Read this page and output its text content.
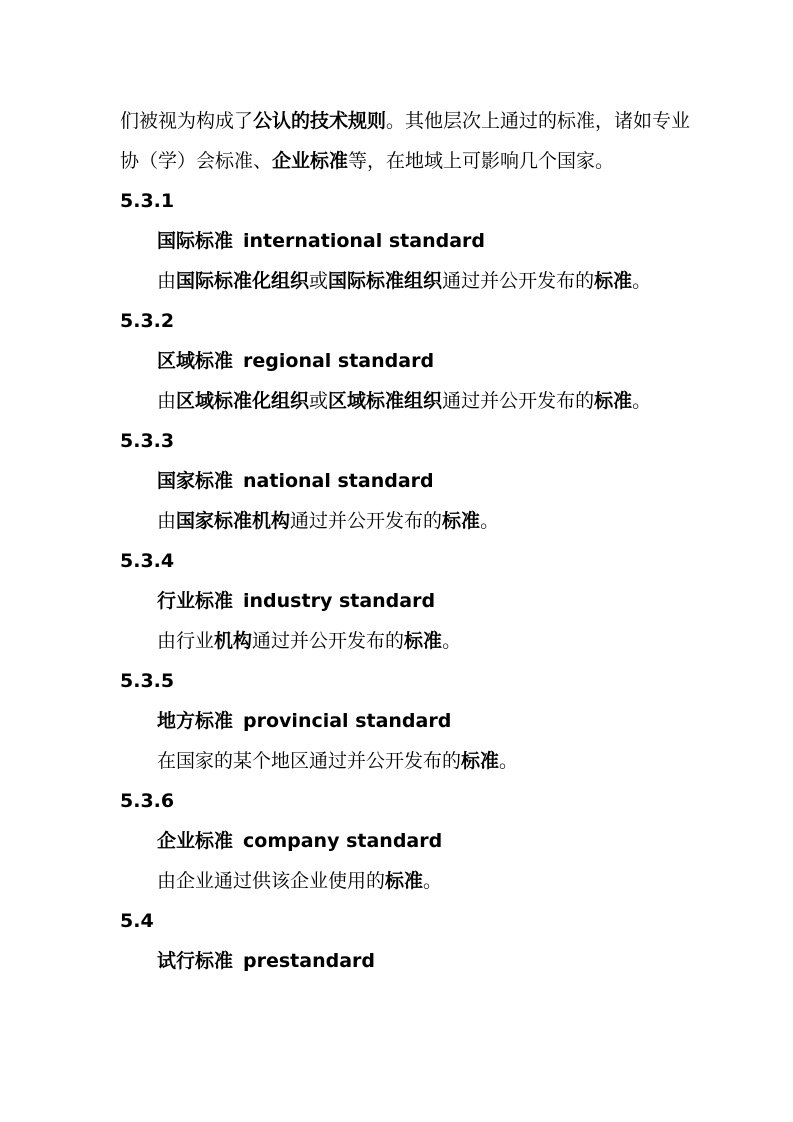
们被视为构成了公认的技术规则。其他层次上通过的标准，诸如专业
协（学）会标准、企业标准等，在地域上可影响几个国家。
5.3.1
国际标准 international standard
由国际标准化组织或国际标准组织通过并公开发布的标准。
5.3.2
区域标准 regional standard
由区域标准化组织或区域标准组织通过并公开发布的标准。
5.3.3
国家标准 national standard
由国家标准机构通过并公开发布的标准。
5.3.4
行业标准 industry standard
由行业机构通过并公开发布的标准。
5.3.5
地方标准 provincial standard
在国家的某个地区通过并公开发布的标准。
5.3.6
企业标准 company standard
由企业通过供该企业使用的标准。
5.4
试行标准 prestandard
